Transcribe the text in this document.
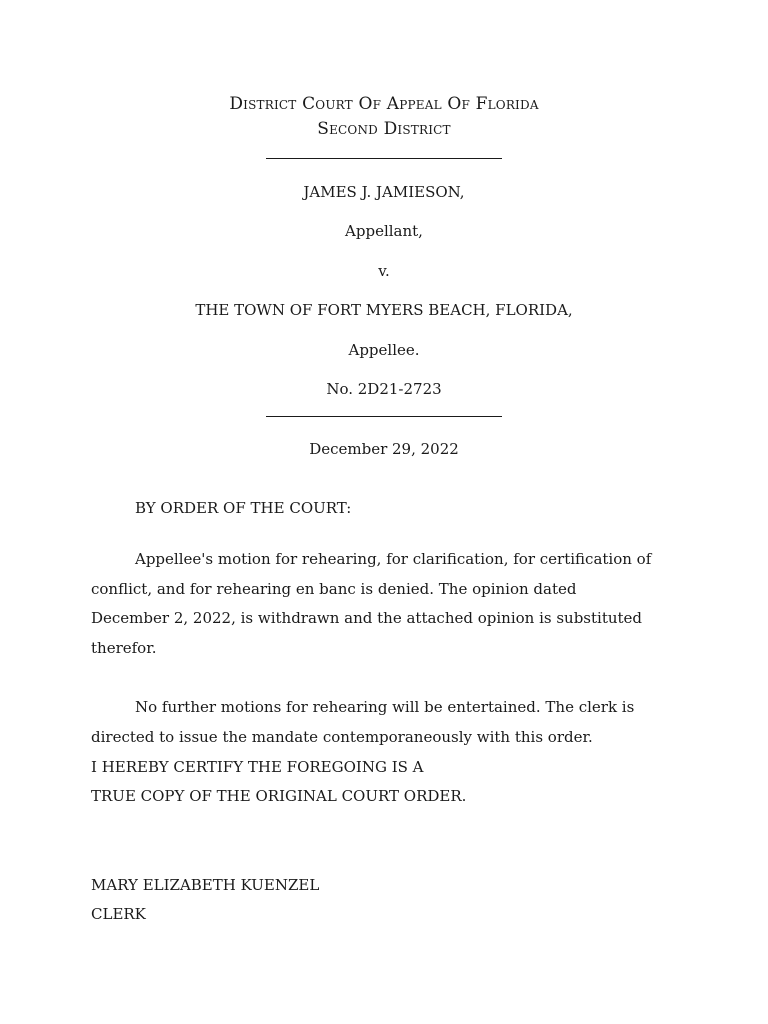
District Court Of Appeal Of Florida
Second District
JAMES J. JAMIESON,
Appellant,
v.
THE TOWN OF FORT MYERS BEACH, FLORIDA,
Appellee.
No. 2D21-2723
December 29, 2022
BY ORDER OF THE COURT:
Appellee's motion for rehearing, for clarification, for certification of
conflict, and for rehearing en banc is denied. The opinion dated
December 2, 2022, is withdrawn and the attached opinion is substituted
therefor.
No further motions for rehearing will be entertained. The clerk is
directed to issue the mandate contemporaneously with this order.
I HEREBY CERTIFY THE FOREGOING IS A
TRUE COPY OF THE ORIGINAL COURT ORDER.
MARY ELIZABETH KUENZEL
CLERK
